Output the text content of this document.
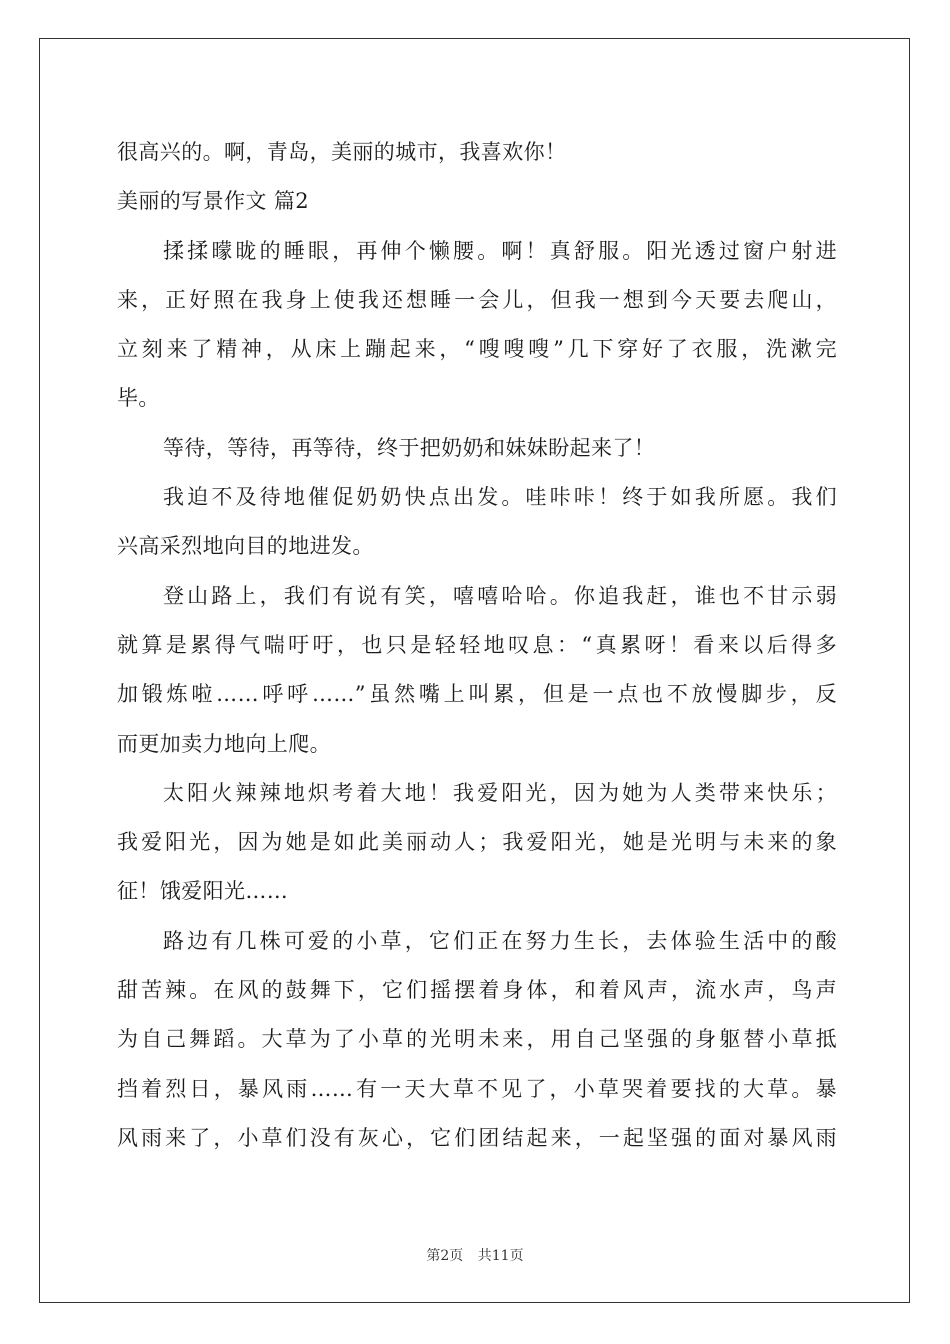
很高兴的。啊，青岛，美丽的城市，我喜欢你！
美丽的写景作文 篇2
揉揉曚昽的睡眼，再伸个懒腰。啊！真舒服。阳光透过窗户射进
来，正好照在我身上使我还想睡一会儿，但我一想到今天要去爬山，
立刻来了精神，从床上蹦起来，“嗖嗖嗖”几下穿好了衣服，洗漱完
毕。
等待，等待，再等待，终于把奶奶和妹妹盼起来了！
我迫不及待地催促奶奶快点出发。哇咔咔！终于如我所愿。我们
兴高采烈地向目的地进发。
登山路上，我们有说有笑，嘻嘻哈哈。你追我赶，谁也不甘示弱
就算是累得气喘吁吁，也只是轻轻地叹息：“真累呀！看来以后得多
加锻炼啦……呼呼……”虽然嘴上叫累，但是一点也不放慢脚步，反
而更加卖力地向上爬。
太阳火辣辣地炽考着大地！我爱阳光，因为她为人类带来快乐；
我爱阳光，因为她是如此美丽动人；我爱阳光，她是光明与未来的象
征！饿爱阳光……
路边有几株可爱的小草，它们正在努力生长，去体验生活中的酸
甜苦辣。在风的鼓舞下，它们摇摆着身体，和着风声，流水声，鸟声
为自己舞蹈。大草为了小草的光明未来，用自己坚强的身躯替小草抵
挡着烈日，暴风雨……有一天大草不见了，小草哭着要找的大草。暴
风雨来了，小草们没有灰心，它们团结起来，一起坚强的面对暴风雨
第2页 共11页
